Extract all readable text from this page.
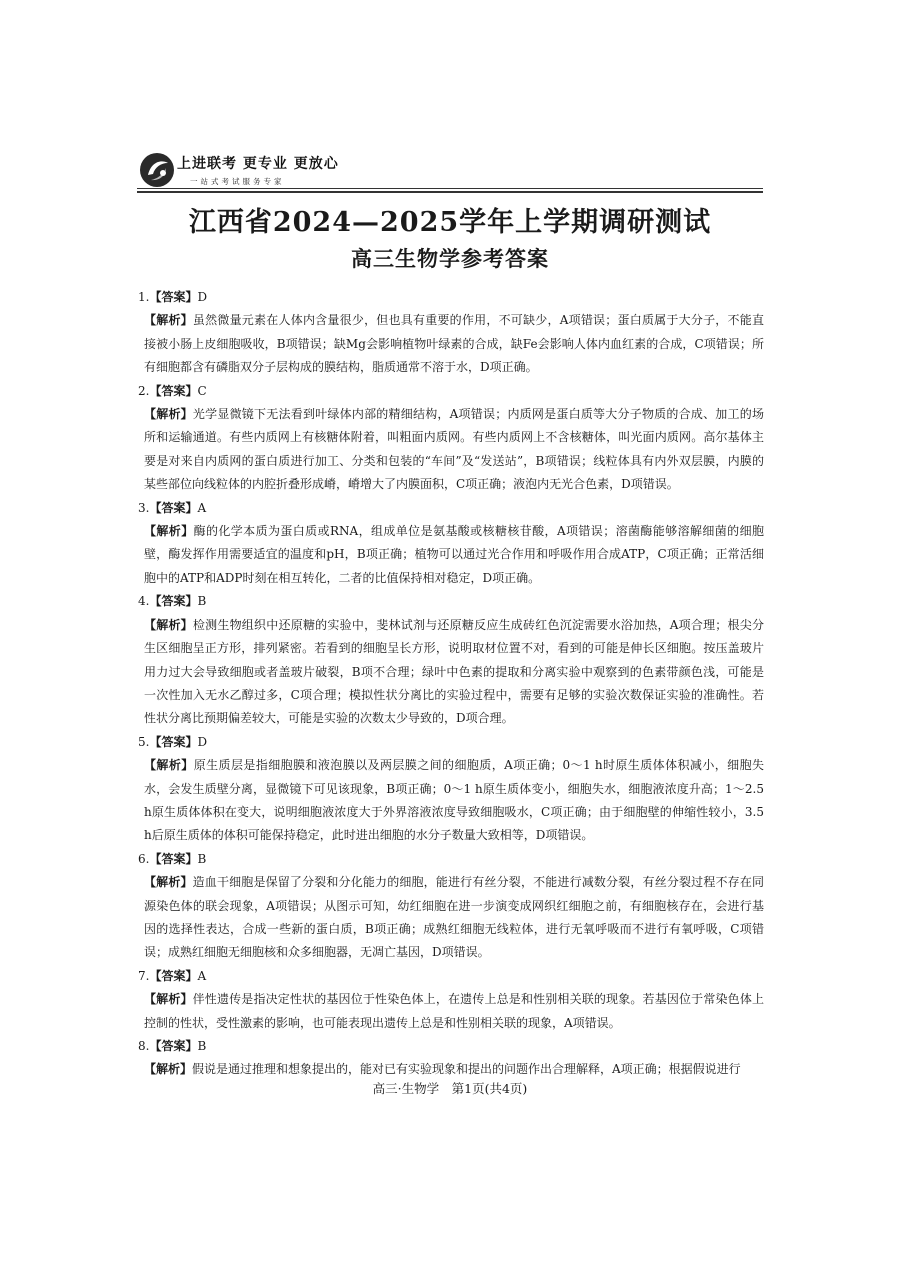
上进联考 更专业 更放心
一站式考试服务专家
江西省2024—2025学年上学期调研测试
高三生物学参考答案
1.【答案】D
【解析】虽然微量元素在人体内含量很少，但也具有重要的作用，不可缺少，A项错误；蛋白质属于大分子，不能直接被小肠上皮细胞吸收，B项错误；缺Mg会影响植物叶绿素的合成，缺Fe会影响人体内血红素的合成，C项错误；所有细胞都含有磷脂双分子层构成的膜结构，脂质通常不溶于水，D项正确。
2.【答案】C
【解析】光学显微镜下无法看到叶绿体内部的精细结构，A项错误；内质网是蛋白质等大分子物质的合成、加工的场所和运输通道。有些内质网上有核糖体附着，叫粗面内质网。有些内质网上不含核糖体，叫光面内质网。高尔基体主要是对来自内质网的蛋白质进行加工、分类和包装的“车间”及“发送站”，B项错误；线粒体具有内外双层膜，内膜的某些部位向线粒体的内腔折叠形成嵴，嵴增大了内膜面积，C项正确；液泡内无光合色素，D项错误。
3.【答案】A
【解析】酶的化学本质为蛋白质或RNA，组成单位是氨基酸或核糖核苷酸，A项错误；溶菌酶能够溶解细菌的细胞壁，酶发挥作用需要适宜的温度和pH，B项正确；植物可以通过光合作用和呼吸作用合成ATP，C项正确；正常活细胞中的ATP和ADP时刻在相互转化，二者的比值保持相对稳定，D项正确。
4.【答案】B
【解析】检测生物组织中还原糖的实验中，斐林试剂与还原糖反应生成砖红色沉淀需要水浴加热，A项合理；根尖分生区细胞呈正方形，排列紧密。若看到的细胞呈长方形，说明取材位置不对，看到的可能是伸长区细胞。按压盖玻片用力过大会导致细胞或者盖玻片破裂，B项不合理；绿叶中色素的提取和分离实验中观察到的色素带颜色浅，可能是一次性加入无水乙醇过多，C项合理；模拟性状分离比的实验过程中，需要有足够的实验次数保证实验的准确性。若性状分离比预期偏差较大，可能是实验的次数太少导致的，D项合理。
5.【答案】D
【解析】原生质层是指细胞膜和液泡膜以及两层膜之间的细胞质，A项正确；0～1 h时原生质体体积减小，细胞失水，会发生质壁分离，显微镜下可见该现象，B项正确；0～1 h原生质体变小，细胞失水，细胞液浓度升高；1～2.5 h原生质体体积在变大，说明细胞液浓度大于外界溶液浓度导致细胞吸水，C项正确；由于细胞壁的伸缩性较小，3.5 h后原生质体的体积可能保持稳定，此时进出细胞的水分子数量大致相等，D项错误。
6.【答案】B
【解析】造血干细胞是保留了分裂和分化能力的细胞，能进行有丝分裂，不能进行减数分裂，有丝分裂过程不存在同源染色体的联会现象，A项错误；从图示可知，幼红细胞在进一步演变成网织红细胞之前，有细胞核存在，会进行基因的选择性表达，合成一些新的蛋白质，B项正确；成熟红细胞无线粒体，进行无氧呼吸而不进行有氧呼吸，C项错误；成熟红细胞无细胞核和众多细胞器，无凋亡基因，D项错误。
7.【答案】A
【解析】伴性遗传是指决定性状的基因位于性染色体上，在遗传上总是和性别相关联的现象。若基因位于常染色体上控制的性状，受性激素的影响，也可能表现出遗传上总是和性别相关联的现象，A项错误。
8.【答案】B
【解析】假说是通过推理和想象提出的，能对已有实验现象和提出的问题作出合理解释，A项正确；根据假说进行
高三·生物学　第1页(共4页)
